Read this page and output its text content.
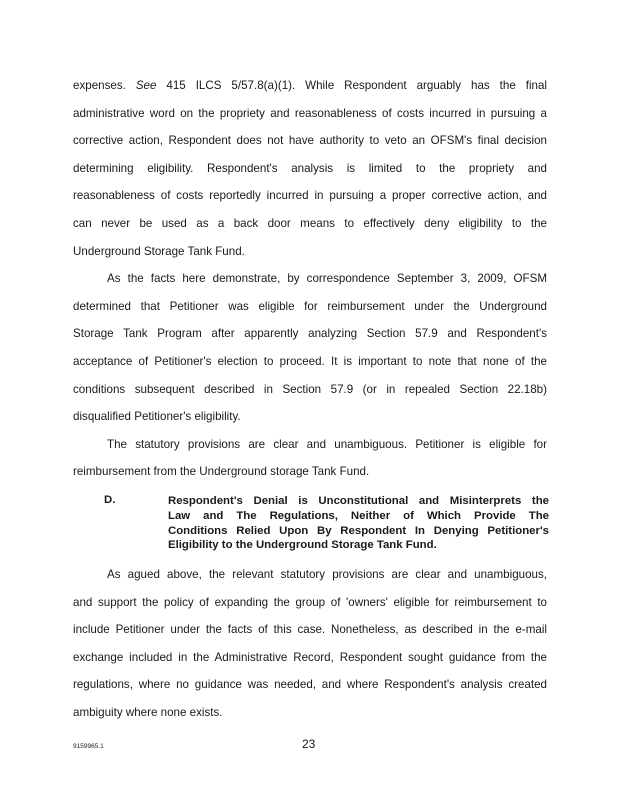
expenses. See 415 ILCS 5/57.8(a)(1). While Respondent arguably has the final
administrative word on the propriety and reasonableness of costs incurred in pursuing a
corrective action, Respondent does not have authority to veto an OFSM's final decision
determining eligibility. Respondent's analysis is limited to the propriety and
reasonableness of costs reportedly incurred in pursuing a proper corrective action, and
can never be used as a back door means to effectively deny eligibility to the
Underground Storage Tank Fund.

As the facts here demonstrate, by correspondence September 3, 2009, OFSM
determined that Petitioner was eligible for reimbursement under the Underground
Storage Tank Program after apparently analyzing Section 57.9 and Respondent's
acceptance of Petitioner's election to proceed. It is important to note that none of the
conditions subsequent described in Section 57.9 (or in repealed Section 22.18b)
disqualified Petitioner's eligibility.

The statutory provisions are clear and unambiguous. Petitioner is eligible for
reimbursement from the Underground storage Tank Fund.

D.	Respondent's Denial is Unconstitutional and Misinterprets the
Law and The Regulations, Neither of Which Provide The
Conditions Relied Upon By Respondent In Denying Petitioner's
Eligibility to the Underground Storage Tank Fund.

As agued above, the relevant statutory provisions are clear and unambiguous,
and support the policy of expanding the group of 'owners' eligible for reimbursement to
include Petitioner under the facts of this case. Nonetheless, as described in the e-mail
exchange included in the Administrative Record, Respondent sought guidance from the
regulations, where no guidance was needed, and where Respondent's analysis created
ambiguity where none exists.

9159965.1	23
